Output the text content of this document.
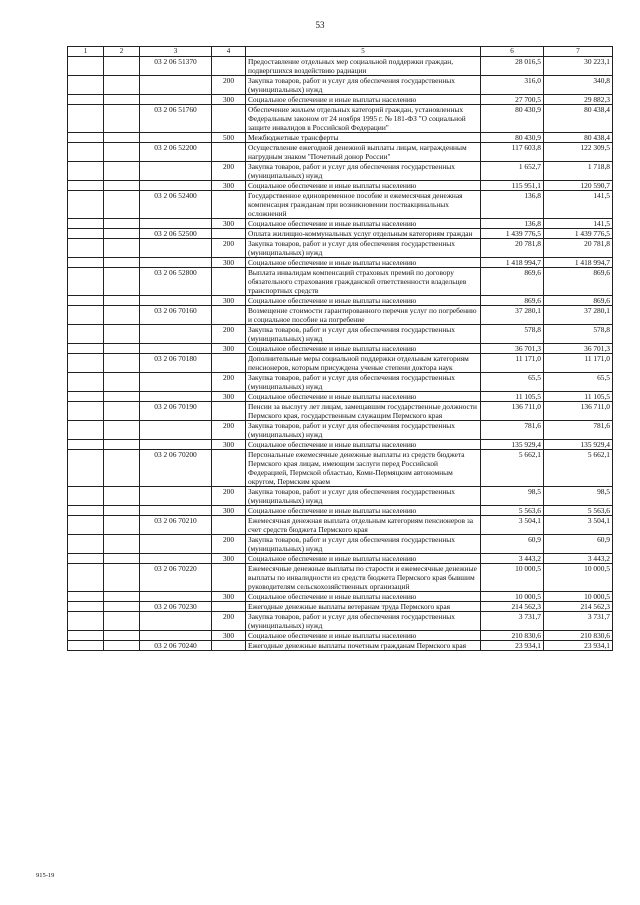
53
1	2	3	4	5	6	7
		03 2 06 51370		Предоставление отдельных мер социальной поддержки граждан, подвергшихся воздействию радиации	28 016,5	30 223,1
			200	Закупка товаров, работ и услуг для обеспечения государственных (муниципальных) нужд	316,0	340,8
			300	Социальное обеспечение и иные выплаты населению	27 700,5	29 882,3
		03 2 06 51760		Обеспечение жильем отдельных категорий граждан, установленных Федеральным законом от 24 ноября 1995 г. № 181-ФЗ "О социальной защите инвалидов в Российской Федерации"	80 430,9	80 438,4
			500	Межбюджетные трансферты	80 430,9	80 438,4
		03 2 06 52200		Осуществление ежегодной денежной выплаты лицам, награжденным нагрудным знаком "Почетный донор России"	117 603,8	122 309,5
			200	Закупка товаров, работ и услуг для обеспечения государственных (муниципальных) нужд	1 652,7	1 718,8
			300	Социальное обеспечение и иные выплаты населению	115 951,1	120 590,7
		03 2 06 52400		Государственное единовременное пособие и ежемесячная денежная компенсация гражданам при возникновении поствакцинальных осложнений	136,8	141,5
			300	Социальное обеспечение и иные выплаты населению	136,8	141,5
		03 2 06 52500		Оплата жилищно-коммунальных услуг отдельным категориям граждан	1 439 776,5	1 439 776,5
			200	Закупка товаров, работ и услуг для обеспечения государственных (муниципальных) нужд	20 781,8	20 781,8
			300	Социальное обеспечение и иные выплаты населению	1 418 994,7	1 418 994,7
		03 2 06 52800		Выплата инвалидам компенсаций страховых премий по договору обязательного страхования гражданской ответственности владельцев транспортных средств	869,6	869,6
			300	Социальное обеспечение и иные выплаты населению	869,6	869,6
		03 2 06 70160		Возмещение стоимости гарантированного перечня услуг по погребению и социальное пособие на погребение	37 280,1	37 280,1
			200	Закупка товаров, работ и услуг для обеспечения государственных (муниципальных) нужд	578,8	578,8
			300	Социальное обеспечение и иные выплаты населению	36 701,3	36 701,3
		03 2 06 70180		Дополнительные меры социальной поддержки отдельным категориям пенсионеров, которым присуждена ученые степени доктора наук	11 171,0	11 171,0
			200	Закупка товаров, работ и услуг для обеспечения государственных (муниципальных) нужд	65,5	65,5
			300	Социальное обеспечение и иные выплаты населению	11 105,5	11 105,5
		03 2 06 70190		Пенсии за выслугу лет лицам, замещавшим государственные должности Пермского края, государственным служащим Пермского края	136 711,0	136 711,0
			200	Закупка товаров, работ и услуг для обеспечения государственных (муниципальных) нужд	781,6	781,6
			300	Социальное обеспечение и иные выплаты населению	135 929,4	135 929,4
		03 2 06 70200		Персональные ежемесячные денежные выплаты из средств бюджета Пермского края лицам, имеющим заслуги перед Российской Федерацией, Пермской областью, Коми-Пермяцким автономным округом, Пермским краем	5 662,1	5 662,1
			200	Закупка товаров, работ и услуг для обеспечения государственных (муниципальных) нужд	98,5	98,5
			300	Социальное обеспечение и иные выплаты населению	5 563,6	5 563,6
		03 2 06 70210		Ежемесячная денежная выплата отдельным категориям пенсионеров за счет средств бюджета Пермского края	3 504,1	3 504,1
			200	Закупка товаров, работ и услуг для обеспечения государственных (муниципальных) нужд	60,9	60,9
			300	Социальное обеспечение и иные выплаты населению	3 443,2	3 443,2
		03 2 06 70220		Ежемесячные денежные выплаты по старости и ежемесячные денежные выплаты по инвалидности из средств бюджета Пермского края бывшим руководителям сельскохозяйственных организаций	10 000,5	10 000,5
			300	Социальное обеспечение и иные выплаты населению	10 000,5	10 000,5
		03 2 06 70230		Ежегодные денежные выплаты ветеранам труда Пермского края	214 562,3	214 562,3
			200	Закупка товаров, работ и услуг для обеспечения государственных (муниципальных) нужд	3 731,7	3 731,7
			300	Социальное обеспечение и иные выплаты населению	210 830,6	210 830,6
		03 2 06 70240		Ежегодные денежные выплаты почетным гражданам Пермского края	23 934,1	23 934,1
915-19
